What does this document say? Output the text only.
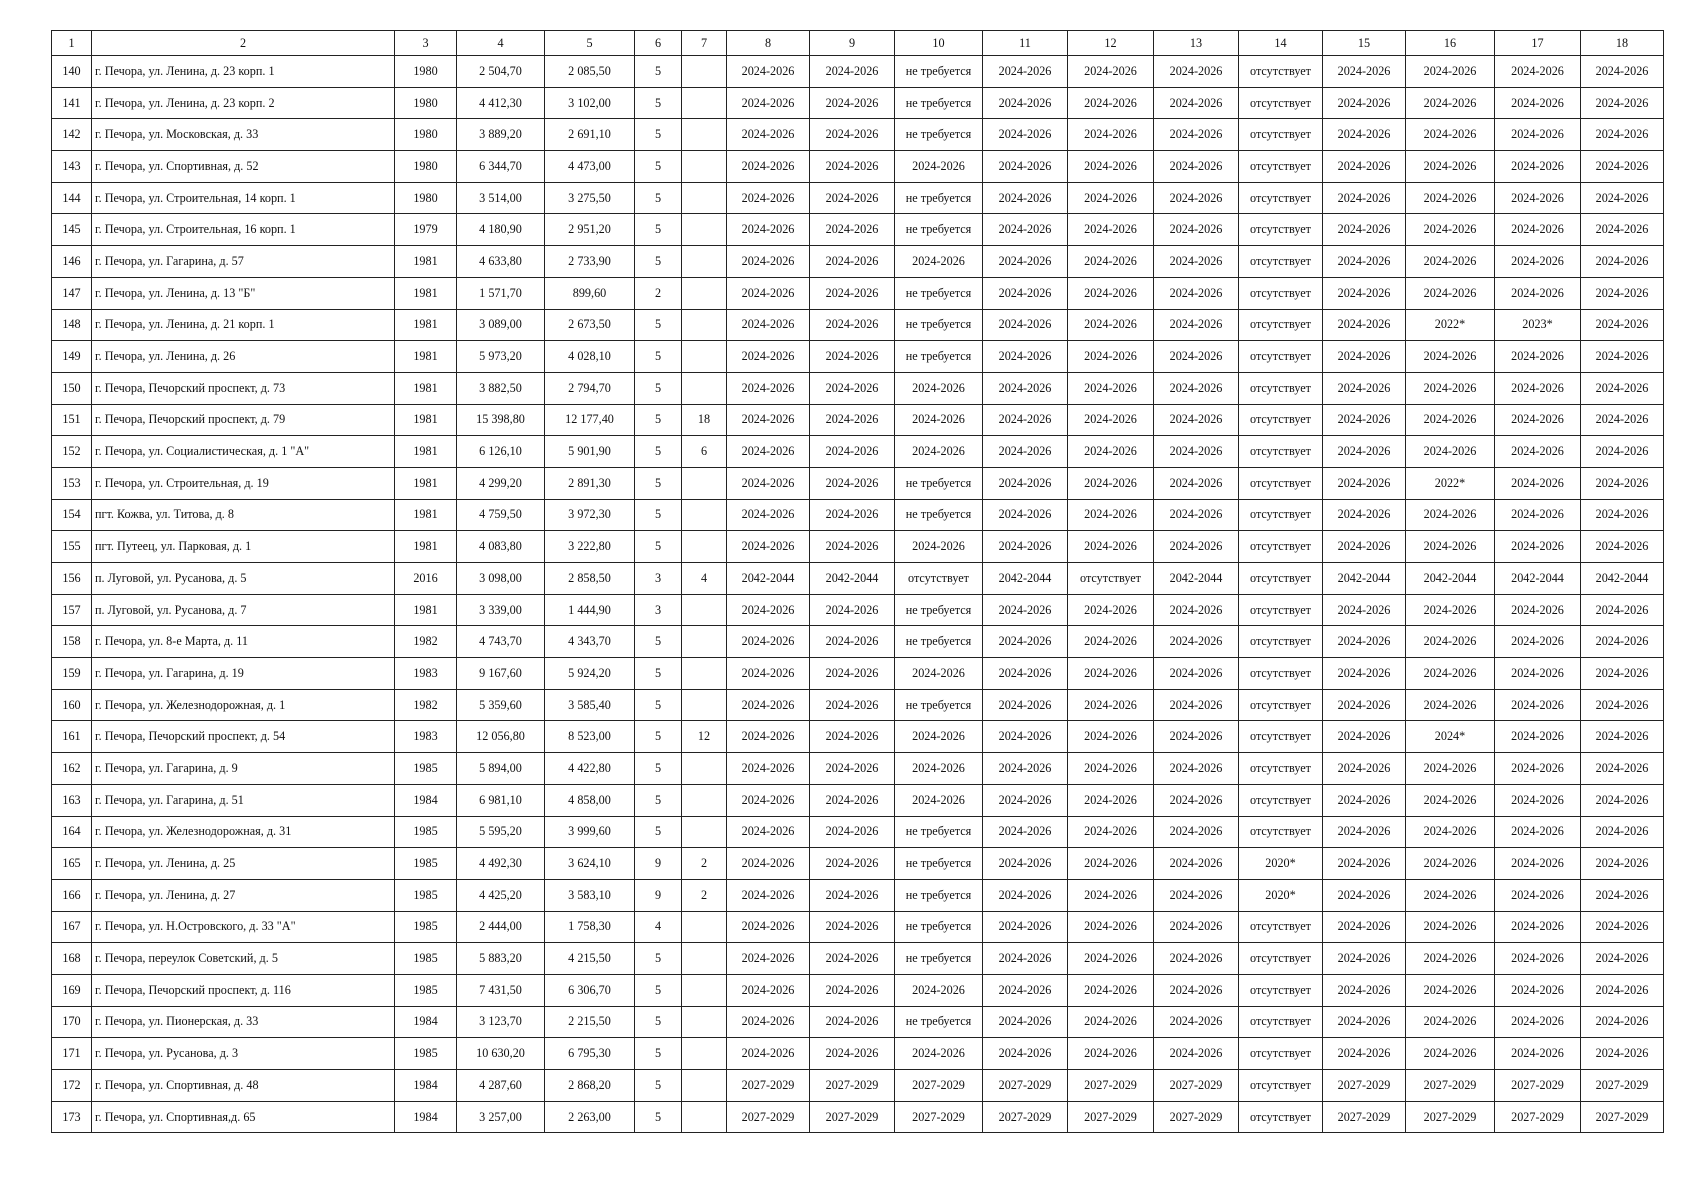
1	2	3	4	5	6	7	8	9	10	11	12	13	14	15	16	17	18
140	г. Печора, ул. Ленина, д. 23 корп. 1	1980	2 504,70	2 085,50	5		2024-2026	2024-2026	не требуется	2024-2026	2024-2026	2024-2026	отсутствует	2024-2026	2024-2026	2024-2026	2024-2026
141	г. Печора, ул. Ленина, д. 23 корп. 2	1980	4 412,30	3 102,00	5		2024-2026	2024-2026	не требуется	2024-2026	2024-2026	2024-2026	отсутствует	2024-2026	2024-2026	2024-2026	2024-2026
142	г. Печора, ул. Московская, д. 33	1980	3 889,20	2 691,10	5		2024-2026	2024-2026	не требуется	2024-2026	2024-2026	2024-2026	отсутствует	2024-2026	2024-2026	2024-2026	2024-2026
143	г. Печора, ул. Спортивная, д. 52	1980	6 344,70	4 473,00	5		2024-2026	2024-2026	2024-2026	2024-2026	2024-2026	2024-2026	отсутствует	2024-2026	2024-2026	2024-2026	2024-2026
144	г. Печора, ул. Строительная, 14 корп. 1	1980	3 514,00	3 275,50	5		2024-2026	2024-2026	не требуется	2024-2026	2024-2026	2024-2026	отсутствует	2024-2026	2024-2026	2024-2026	2024-2026
145	г. Печора, ул. Строительная, 16 корп. 1	1979	4 180,90	2 951,20	5		2024-2026	2024-2026	не требуется	2024-2026	2024-2026	2024-2026	отсутствует	2024-2026	2024-2026	2024-2026	2024-2026
146	г. Печора, ул. Гагарина, д. 57	1981	4 633,80	2 733,90	5		2024-2026	2024-2026	2024-2026	2024-2026	2024-2026	2024-2026	отсутствует	2024-2026	2024-2026	2024-2026	2024-2026
147	г. Печора, ул. Ленина, д. 13 "Б"	1981	1 571,70	899,60	2		2024-2026	2024-2026	не требуется	2024-2026	2024-2026	2024-2026	отсутствует	2024-2026	2024-2026	2024-2026	2024-2026
148	г. Печора, ул. Ленина, д. 21 корп. 1	1981	3 089,00	2 673,50	5		2024-2026	2024-2026	не требуется	2024-2026	2024-2026	2024-2026	отсутствует	2024-2026	2022*	2023*	2024-2026
149	г. Печора, ул. Ленина, д. 26	1981	5 973,20	4 028,10	5		2024-2026	2024-2026	не требуется	2024-2026	2024-2026	2024-2026	отсутствует	2024-2026	2024-2026	2024-2026	2024-2026
150	г. Печора, Печорский проспект, д. 73	1981	3 882,50	2 794,70	5		2024-2026	2024-2026	2024-2026	2024-2026	2024-2026	2024-2026	отсутствует	2024-2026	2024-2026	2024-2026	2024-2026
151	г. Печора, Печорский проспект, д. 79	1981	15 398,80	12 177,40	5	18	2024-2026	2024-2026	2024-2026	2024-2026	2024-2026	2024-2026	отсутствует	2024-2026	2024-2026	2024-2026	2024-2026
152	г. Печора, ул. Социалистическая, д. 1 "А"	1981	6 126,10	5 901,90	5	6	2024-2026	2024-2026	2024-2026	2024-2026	2024-2026	2024-2026	отсутствует	2024-2026	2024-2026	2024-2026	2024-2026
153	г. Печора, ул. Строительная, д. 19	1981	4 299,20	2 891,30	5		2024-2026	2024-2026	не требуется	2024-2026	2024-2026	2024-2026	отсутствует	2024-2026	2022*	2024-2026	2024-2026
154	пгт. Кожва, ул. Титова, д. 8	1981	4 759,50	3 972,30	5		2024-2026	2024-2026	не требуется	2024-2026	2024-2026	2024-2026	отсутствует	2024-2026	2024-2026	2024-2026	2024-2026
155	пгт. Путеец, ул. Парковая, д. 1	1981	4 083,80	3 222,80	5		2024-2026	2024-2026	2024-2026	2024-2026	2024-2026	2024-2026	отсутствует	2024-2026	2024-2026	2024-2026	2024-2026
156	п. Луговой, ул. Русанова, д. 5	2016	3 098,00	2 858,50	3	4	2042-2044	2042-2044	отсутствует	2042-2044	отсутствует	2042-2044	отсутствует	2042-2044	2042-2044	2042-2044	2042-2044
157	п. Луговой, ул. Русанова, д. 7	1981	3 339,00	1 444,90	3		2024-2026	2024-2026	не требуется	2024-2026	2024-2026	2024-2026	отсутствует	2024-2026	2024-2026	2024-2026	2024-2026
158	г. Печора, ул. 8-е Марта, д. 11	1982	4 743,70	4 343,70	5		2024-2026	2024-2026	не требуется	2024-2026	2024-2026	2024-2026	отсутствует	2024-2026	2024-2026	2024-2026	2024-2026
159	г. Печора, ул. Гагарина, д. 19	1983	9 167,60	5 924,20	5		2024-2026	2024-2026	2024-2026	2024-2026	2024-2026	2024-2026	отсутствует	2024-2026	2024-2026	2024-2026	2024-2026
160	г. Печора, ул. Железнодорожная, д. 1	1982	5 359,60	3 585,40	5		2024-2026	2024-2026	не требуется	2024-2026	2024-2026	2024-2026	отсутствует	2024-2026	2024-2026	2024-2026	2024-2026
161	г. Печора, Печорский проспект, д. 54	1983	12 056,80	8 523,00	5	12	2024-2026	2024-2026	2024-2026	2024-2026	2024-2026	2024-2026	отсутствует	2024-2026	2024*	2024-2026	2024-2026
162	г. Печора, ул. Гагарина, д. 9	1985	5 894,00	4 422,80	5		2024-2026	2024-2026	2024-2026	2024-2026	2024-2026	2024-2026	отсутствует	2024-2026	2024-2026	2024-2026	2024-2026
163	г. Печора, ул. Гагарина, д. 51	1984	6 981,10	4 858,00	5		2024-2026	2024-2026	2024-2026	2024-2026	2024-2026	2024-2026	отсутствует	2024-2026	2024-2026	2024-2026	2024-2026
164	г. Печора, ул. Железнодорожная, д. 31	1985	5 595,20	3 999,60	5		2024-2026	2024-2026	не требуется	2024-2026	2024-2026	2024-2026	отсутствует	2024-2026	2024-2026	2024-2026	2024-2026
165	г. Печора, ул. Ленина, д. 25	1985	4 492,30	3 624,10	9	2	2024-2026	2024-2026	не требуется	2024-2026	2024-2026	2024-2026	2020*	2024-2026	2024-2026	2024-2026	2024-2026
166	г. Печора, ул. Ленина, д. 27	1985	4 425,20	3 583,10	9	2	2024-2026	2024-2026	не требуется	2024-2026	2024-2026	2024-2026	2020*	2024-2026	2024-2026	2024-2026	2024-2026
167	г. Печора, ул. Н.Островского, д. 33 "А"	1985	2 444,00	1 758,30	4		2024-2026	2024-2026	не требуется	2024-2026	2024-2026	2024-2026	отсутствует	2024-2026	2024-2026	2024-2026	2024-2026
168	г. Печора, переулок Советский, д. 5	1985	5 883,20	4 215,50	5		2024-2026	2024-2026	не требуется	2024-2026	2024-2026	2024-2026	отсутствует	2024-2026	2024-2026	2024-2026	2024-2026
169	г. Печора, Печорский проспект, д. 116	1985	7 431,50	6 306,70	5		2024-2026	2024-2026	2024-2026	2024-2026	2024-2026	2024-2026	отсутствует	2024-2026	2024-2026	2024-2026	2024-2026
170	г. Печора, ул. Пионерская, д. 33	1984	3 123,70	2 215,50	5		2024-2026	2024-2026	не требуется	2024-2026	2024-2026	2024-2026	отсутствует	2024-2026	2024-2026	2024-2026	2024-2026
171	г. Печора, ул. Русанова, д. 3	1985	10 630,20	6 795,30	5		2024-2026	2024-2026	2024-2026	2024-2026	2024-2026	2024-2026	отсутствует	2024-2026	2024-2026	2024-2026	2024-2026
172	г. Печора, ул. Спортивная, д. 48	1984	4 287,60	2 868,20	5		2027-2029	2027-2029	2027-2029	2027-2029	2027-2029	2027-2029	отсутствует	2027-2029	2027-2029	2027-2029	2027-2029
173	г. Печора, ул. Спортивная,д. 65	1984	3 257,00	2 263,00	5		2027-2029	2027-2029	2027-2029	2027-2029	2027-2029	2027-2029	отсутствует	2027-2029	2027-2029	2027-2029	2027-2029
